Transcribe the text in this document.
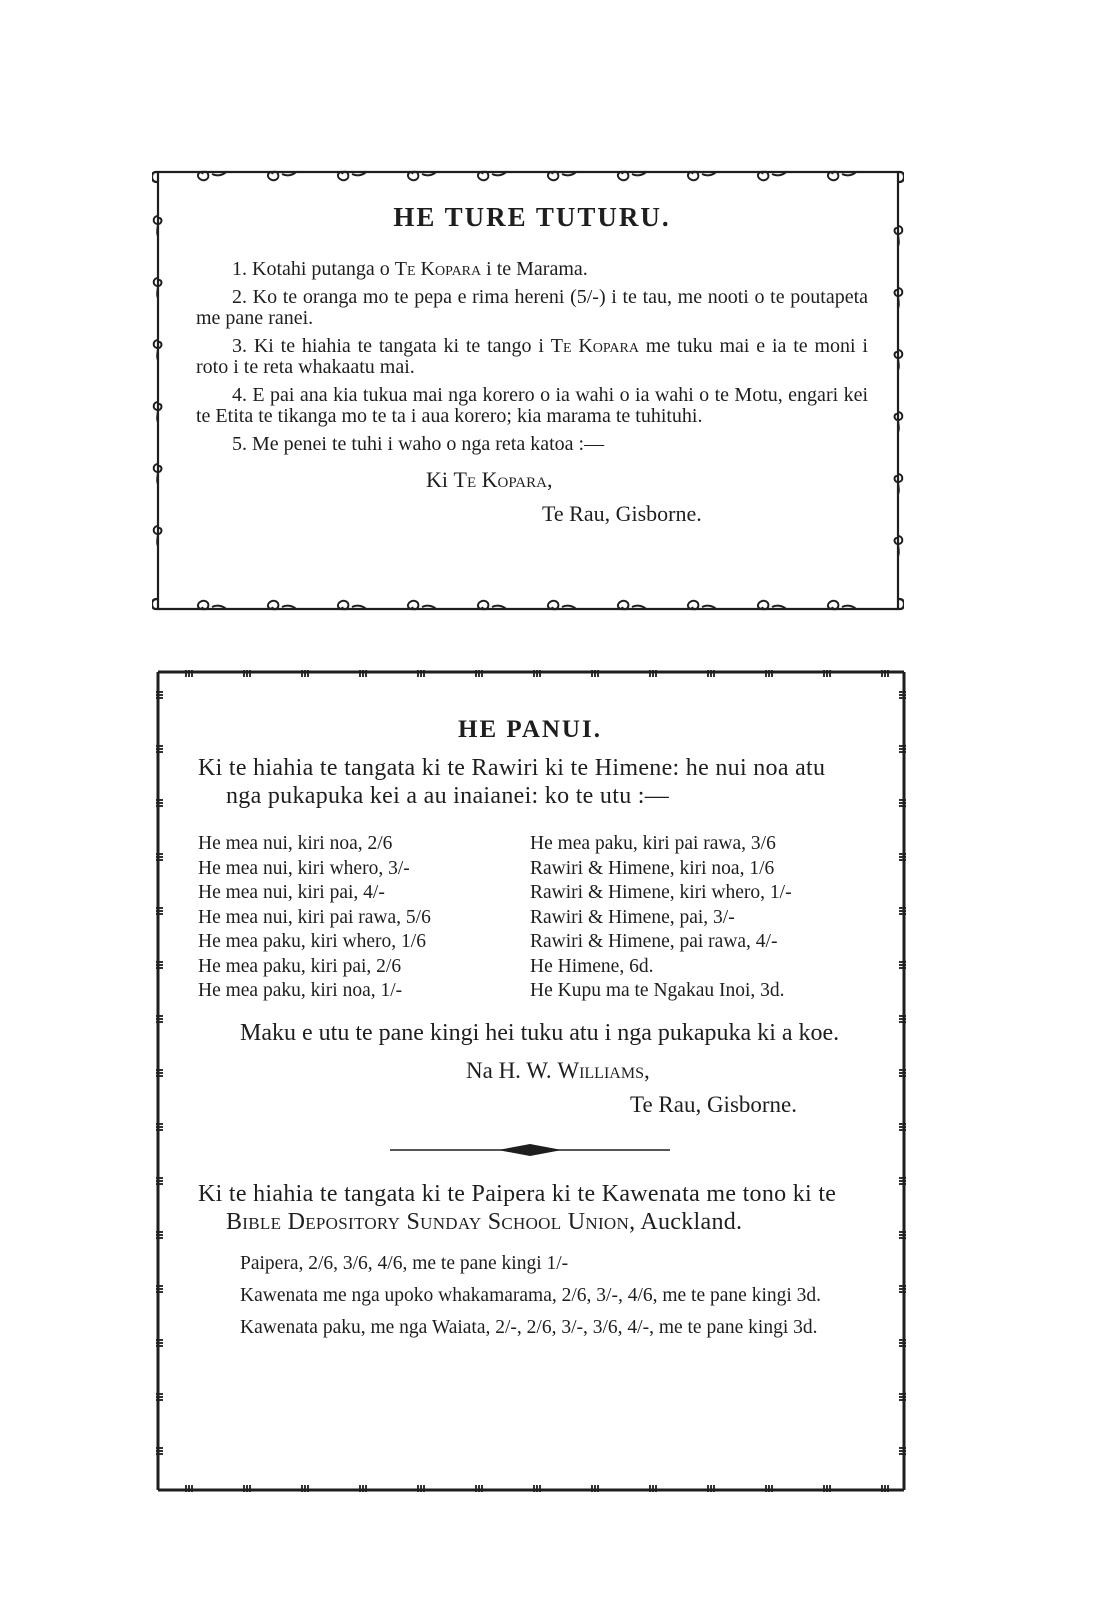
HE TURE TUTURU.

1. Kotahi putanga o Te Kopara i te Marama.

2. Ko te oranga mo te pepa e rima hereni (5/-) i te tau, me nooti o te poutapeta me pane ranei.

3. Ki te hiahia te tangata ki te tango i Te Kopara me tuku mai e ia te moni i roto i te reta whakaatu mai.

4. E pai ana kia tukua mai nga korero o ia wahi o ia wahi o te Motu, engari kei te Etita te tikanga mo te ta i aua korero; kia marama te tuhituhi.

5. Me penei te tuhi i waho o nga reta katoa :—

Ki Te Kopara,
Te Rau, Gisborne.
HE PANUI.

Ki te hiahia te tangata ki te Rawiri ki te Himene: he nui noa atu nga pukapuka kei a au inaianei: ko te utu :—

He mea nui, kiri noa, 2/6
He mea nui, kiri whero, 3/-
He mea nui, kiri pai, 4/-
He mea nui, kiri pai rawa, 5/6
He mea paku, kiri whero, 1/6
He mea paku, kiri pai, 2/6
He mea paku, kiri noa, 1/-
He mea paku, kiri pai rawa, 3/6
Rawiri & Himene, kiri noa, 1/6
Rawiri & Himene, kiri whero, 1/-
Rawiri & Himene, pai, 3/-
Rawiri & Himene, pai rawa, 4/-
He Himene, 6d.
He Kupu ma te Ngakau Inoi, 3d.

Maku e utu te pane kingi hei tuku atu i nga pukapuka ki a koe.

Na H. W. Williams,
Te Rau, Gisborne.

Ki te hiahia te tangata ki te Paipera ki te Kawenata me tono ki te Bible Depository Sunday School Union, Auckland.

Paipera, 2/6, 3/6, 4/6, me te pane kingi 1/-

Kawenata me nga upoko whakamarama, 2/6, 3/-, 4/6, me te pane kingi 3d.

Kawenata paku, me nga Waiata, 2/-, 2/6, 3/-, 3/6, 4/-, me te pane kingi 3d.
